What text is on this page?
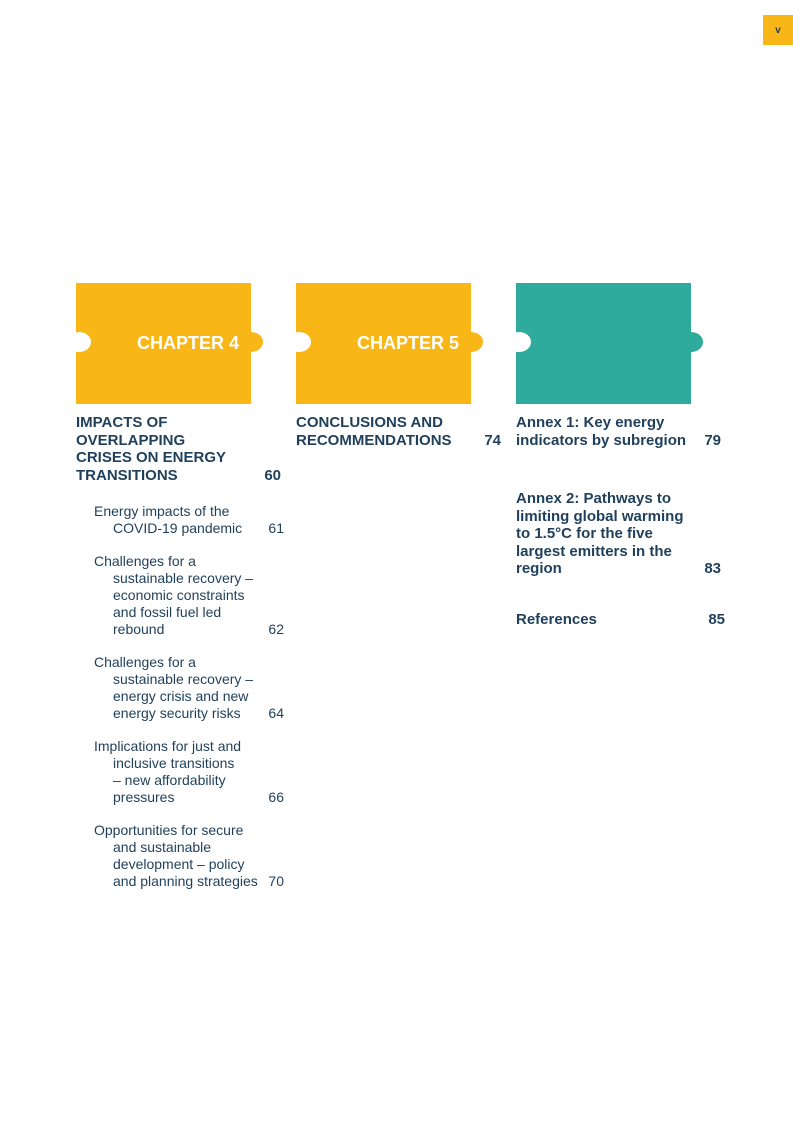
v
CHAPTER 4	CHAPTER 5
IMPACTS OF
OVERLAPPING
CRISES ON ENERGY
TRANSITIONS	60
Energy impacts of the
COVID-19 pandemic	61
Challenges for a
sustainable recovery –
economic constraints
and fossil fuel led
rebound	62
Challenges for a
sustainable recovery –
energy crisis and new
energy security risks	64
Implications for just and
inclusive transitions
– new affordability
pressures	66
Opportunities for secure
and sustainable
development – policy
and planning strategies 70
CONCLUSIONS AND
RECOMMENDATIONS	74
Annex 1: Key energy
indicators by subregion	79
Annex 2: Pathways to
limiting global warming
to 1.5°C for the five
largest emitters in the
region	83
References	85
